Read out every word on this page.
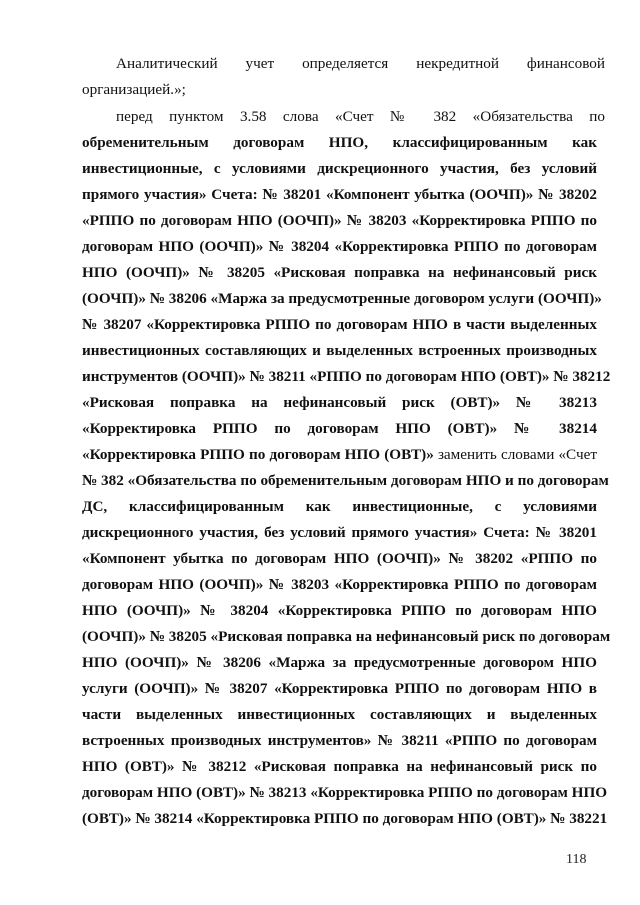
Аналитический учет определяется некредитной финансовой
организацией.»;
перед пунктом 3.58 слова «Счет № 382 «Обязательства по
обременительным договорам НПО, классифицированным как
инвестиционные, с условиями дискреционного участия, без условий
прямого участия» Счета: № 38201 «Компонент убытка (ООЧП)» № 38202
«РППО по договорам НПО (ООЧП)» № 38203 «Корректировка РППО по
договорам НПО (ООЧП)» № 38204 «Корректировка РППО по договорам
НПО (ООЧП)» № 38205 «Рисковая поправка на нефинансовый риск
(ООЧП)» № 38206 «Маржа за предусмотренные договором услуги (ООЧП)»
№ 38207 «Корректировка РППО по договорам НПО в части выделенных
инвестиционных составляющих и выделенных встроенных производных
инструментов (ООЧП)» № 38211 «РППО по договорам НПО (ОВТ)» № 38212
«Рисковая поправка на нефинансовый риск (ОВТ)» № 38213
«Корректировка РППО по договорам НПО (ОВТ)» № 38214
«Корректировка РППО по договорам НПО (ОВТ)» заменить словами «Счет
№ 382 «Обязательства по обременительным договорам НПО и по договорам
ДС, классифицированным как инвестиционные, с условиями
дискреционного участия, без условий прямого участия» Счета: № 38201
«Компонент убытка по договорам НПО (ООЧП)» № 38202 «РППО по
договорам НПО (ООЧП)» № 38203 «Корректировка РППО по договорам
НПО (ООЧП)» № 38204 «Корректировка РППО по договорам НПО
(ООЧП)» № 38205 «Рисковая поправка на нефинансовый риск по договорам
НПО (ООЧП)» № 38206 «Маржа за предусмотренные договором НПО
услуги (ООЧП)» № 38207 «Корректировка РППО по договорам НПО в
части выделенных инвестиционных составляющих и выделенных
встроенных производных инструментов» № 38211 «РППО по договорам
НПО (ОВТ)» № 38212 «Рисковая поправка на нефинансовый риск по
договорам НПО (ОВТ)» № 38213 «Корректировка РППО по договорам НПО
(ОВТ)» № 38214 «Корректировка РППО по договорам НПО (ОВТ)» № 38221
118
